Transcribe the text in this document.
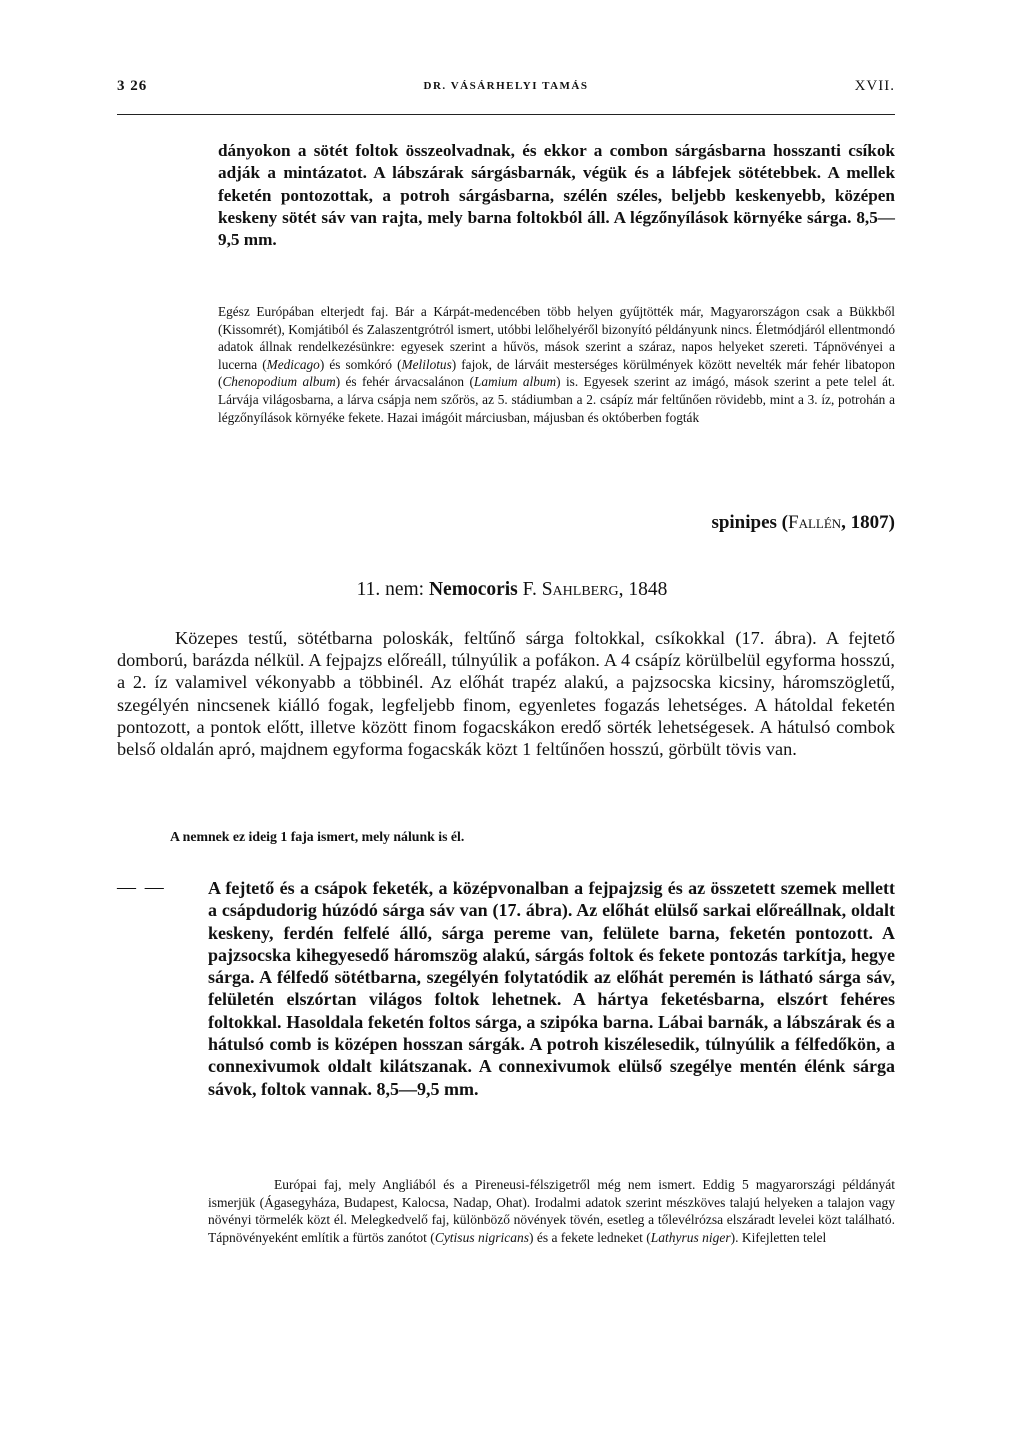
3 26	DR. VÁSÁRHELYI TAMÁS	XVII.

dányokon a sötét foltok összeolvadnak, és ekkor a combon sárgásbarna hosszanti csíkok adják a mintázatot. A lábszárak sárgásbarnák, végük és a lábfejek sötétebbek. A mellek feketén pontozottak, a potroh sárgásbarna, szélén széles, beljebb keskenyebb, középen keskeny sötét sáv van rajta, mely barna foltokból áll. A légzőnyílások környéke sárga. 8,5—9,5 mm.

Egész Európában elterjedt faj. Bár a Kárpát-medencében több helyen gyűjtötték már, Magyarországon csak a Bükkből (Kissomrét), Komjátiból és Zalaszentgrótról ismert, utóbbi lelőhelyéről bizonyító példányunk nincs. Életmódjáról ellentmondó adatok állnak rendelkezésünkre: egyesek szerint a hűvös, mások szerint a száraz, napos helyeket szereti. Tápnövényei a lucerna (Medicago) és somkóró (Melilotus) fajok, de lárváit mesterséges körülmények között nevelték már fehér libatopon (Chenopodium album) és fehér árvacsalánon (Lamium album) is. Egyesek szerint az imágó, mások szerint a pete telel át. Lárvája világosbarna, a lárva csápja nem szőrös, az 5. stádiumban a 2. csápíz már feltűnően rövidebb, mint a 3. íz, potrohán a légzőnyílások környéke fekete. Hazai imágóit márciusban, májusban és októberben fogták

spinipes (Fallén, 1807)
11. nem: Nemocoris F. Sahlberg, 1848

Közepes testű, sötétbarna poloskák, feltűnő sárga foltokkal, csíkokkal (17. ábra). A fejtető domború, barázda nélkül. A fejpajzs előreáll, túlnyúlik a pofákon. A 4 csápíz körülbelül egyforma hosszú, a 2. íz valamivel vékonyabb a többinél. Az előhát trapéz alakú, a pajzsocska kicsiny, háromszögletű, szegélyén nincsenek kiálló fogak, legfeljebb finom, egyenletes fogazás lehetséges. A hátoldal feketén pontozott, a pontok előtt, illetve között finom fogacskákon eredő sörték lehetségesek. A hátulsó combok belső oldalán apró, majdnem egyforma fogacskák közt 1 feltűnően hosszú, görbült tövis van.

A nemnek ez ideig 1 faja ismert, mely nálunk is él.

— — A fejtető és a csápok feketék, a középvonalban a fejpajzsig és az összetett szemek mellett a csápdudorig húzódó sárga sáv van (17. ábra). Az előhát elülső sarkai előreállnak, oldalt keskeny, ferdén felfelé álló, sárga pereme van, felülete barna, feketén pontozott. A pajzsocska kihegyesedő háromszög alakú, sárgás foltok és fekete pontozás tarkítja, hegye sárga. A félfedő sötétbarna, szegélyén folytatódik az előhát peremén is látható sárga sáv, felületén elszórtan világos foltok lehetnek. A hártya feketésbarna, elszórt fehéres foltokkal. Hasoldala feketén foltos sárga, a szipóka barna. Lábai barnák, a lábszárak és a hátulsó comb is középen hosszan sárgák. A potroh kiszélesedik, túlnyúlik a félfedőkön, a connexivumok oldalt kilátszanak. A connexivumok elülső szegélye mentén élénk sárga sávok, foltok vannak. 8,5—9,5 mm.

Európai faj, mely Angliából és a Pireneusi-félszigetről még nem ismert. Eddig 5 magyarországi példányát ismerjük (Ágasegyháza, Budapest, Kalocsa, Nadap, Ohat). Irodalmi adatok szerint mészköves talajú helyeken a talajon vagy növényi törmelék közt él. Melegkedvelő faj, különböző növények tövén, esetleg a tőlevélrózsa elszáradt levelei közt található. Tápnövényeként említik a fürtös zanótot (Cytisus nigricans) és a fekete lednеket (Lathyrus niger). Kifejletten telel
